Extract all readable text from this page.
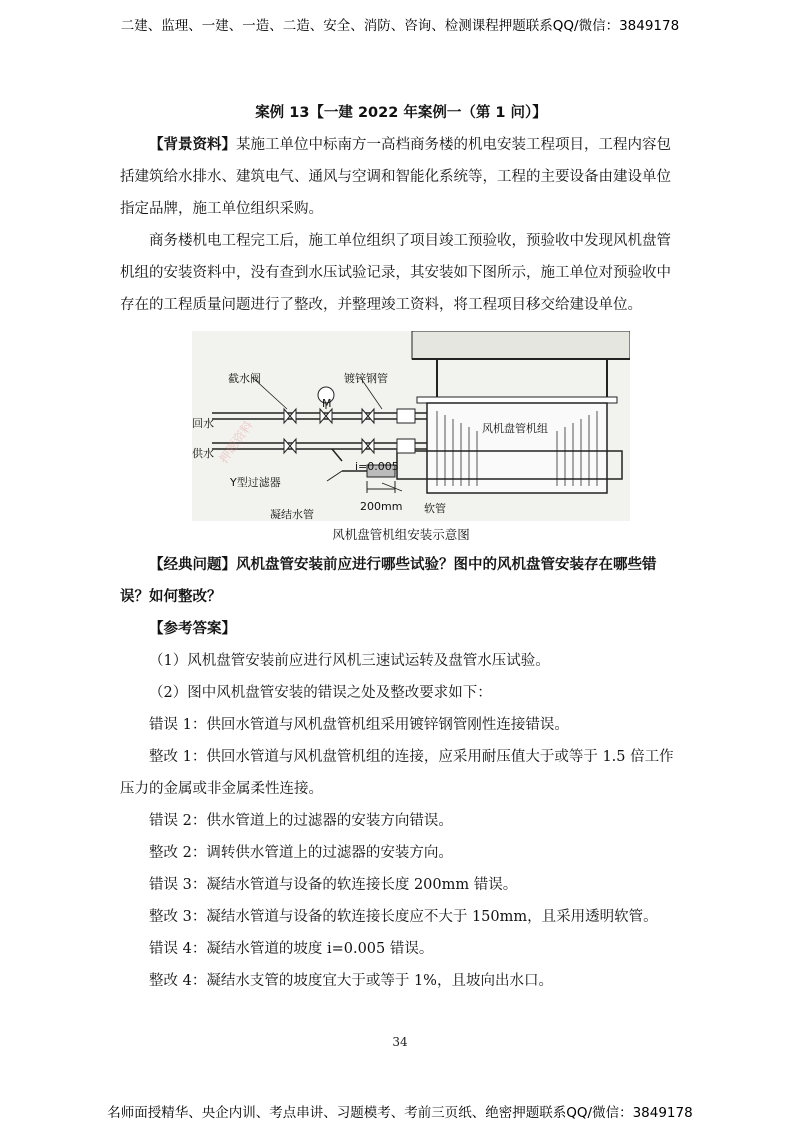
二建、监理、一建、一造、二造、安全、消防、咨询、检测课程押题联系QQ/微信：3849178

案例 13【一建 2022 年案例一（第 1 问）】

【背景资料】某施工单位中标南方一高档商务楼的机电安装工程项目，工程内容包括建筑给水排水、建筑电气、通风与空调和智能化系统等，工程的主要设备由建设单位指定品牌，施工单位组织采购。

商务楼机电工程完工后，施工单位组织了项目竣工预验收，预验收中发现风机盘管机组的安装资料中，没有查到水压试验记录，其安装如下图所示，施工单位对预验收中存在的工程质量问题进行了整改，并整理竣工资料，将工程项目移交给建设单位。

截水阀
M
镀锌钢管
回水
供水
风机盘管机组
i=0.005
Y型过滤器
200mm
凝结水管	软管
押题资料

风机盘管机组安装示意图

【经典问题】风机盘管安装前应进行哪些试验？图中的风机盘管安装存在哪些错误？如何整改？

【参考答案】

（1）风机盘管安装前应进行风机三速试运转及盘管水压试验。

（2）图中风机盘管安装的错误之处及整改要求如下：

错误 1：供回水管道与风机盘管机组采用镀锌钢管刚性连接错误。

整改 1：供回水管道与风机盘管机组的连接，应采用耐压值大于或等于 1.5 倍工作压力的金属或非金属柔性连接。

错误 2：供水管道上的过滤器的安装方向错误。

整改 2：调转供水管道上的过滤器的安装方向。

错误 3：凝结水管道与设备的软连接长度 200mm 错误。

整改 3：凝结水管道与设备的软连接长度应不大于 150mm，且采用透明软管。

错误 4：凝结水管道的坡度 i=0.005 错误。

整改 4：凝结水支管的坡度宜大于或等于 1%，且坡向出水口。

34
名师面授精华、央企内训、考点串讲、习题模考、考前三页纸、绝密押题联系QQ/微信：3849178
